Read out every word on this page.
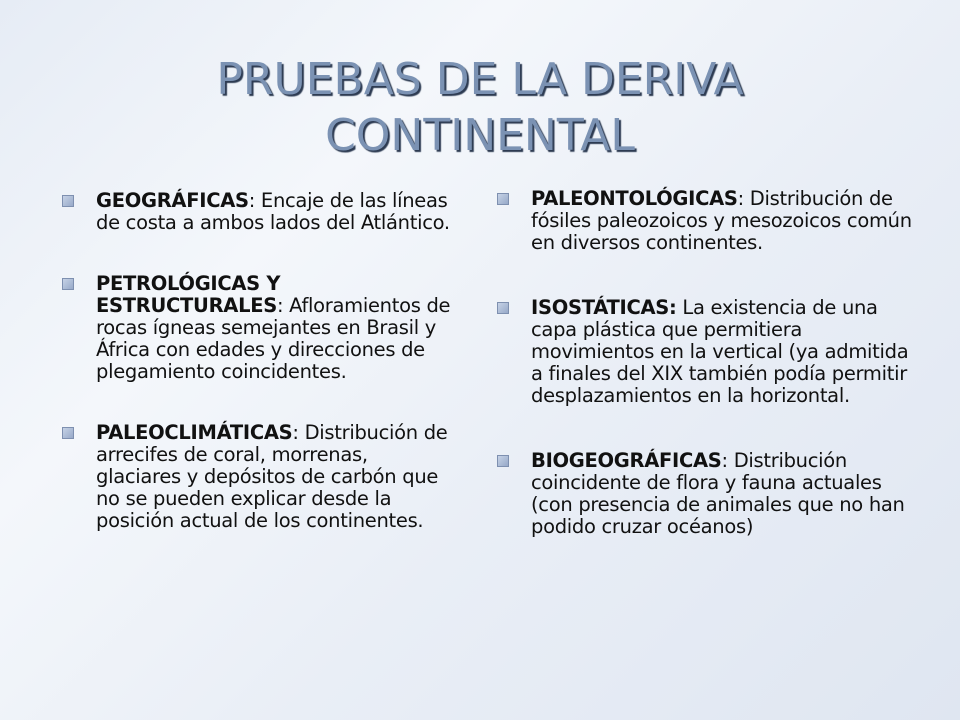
PRUEBAS DE LA DERIVA CONTINENTAL
GEOGRÁFICAS: Encaje de las líneas de costa a ambos lados del Atlántico.
PETROLÓGICAS Y ESTRUCTURALES: Afloramientos de rocas ígneas semejantes en Brasil y África con edades y direcciones de plegamiento coincidentes.
PALEOCLIMÁTICAS: Distribución de arrecifes de coral, morrenas, glaciares y depósitos de carbón que no se pueden explicar desde la posición actual de los continentes.
PALEONTOLÓGICAS: Distribución de fósiles paleozoicos y mesozoicos común en diversos continentes.
ISOSTÁTICAS: La existencia de una capa plástica que permitiera movimientos en la vertical (ya admitida a finales del XIX también podía permitir desplazamientos en la horizontal.
BIOGEOGRÁFICAS: Distribución coincidente de flora y fauna actuales (con presencia de animales que no han podido cruzar océanos)
